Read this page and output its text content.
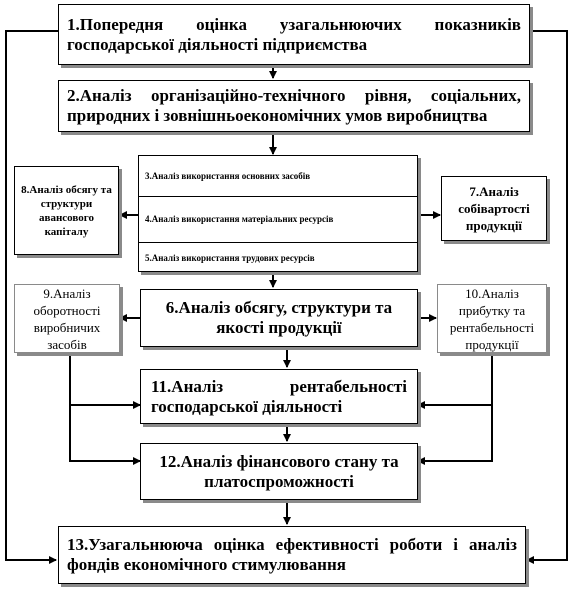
1.Попередня оцінка узагальнюючих показників господарської діяльності підприємства
2.Аналіз організаційно-технічного рівня, соціальних, природних і зовнішньоекономічних умов виробництва
3.Аналіз використання основних засобів
4.Аналіз використання матеріальних ресурсів
5.Аналіз використання трудових ресурсів
8.Аналіз обсягу та структури авансового капіталу
7.Аналіз собівартості продукції
9.Аналіз оборотності виробничих засобів
6.Аналіз обсягу, структури та якості продукції
10.Аналіз прибутку та рентабельності продукції
11.Аналіз рентабельності господарської діяльності
12.Аналіз фінансового стану та платоспроможності
13.Узагальнююча оцінка ефективності роботи і аналіз фондів економічного стимулювання
